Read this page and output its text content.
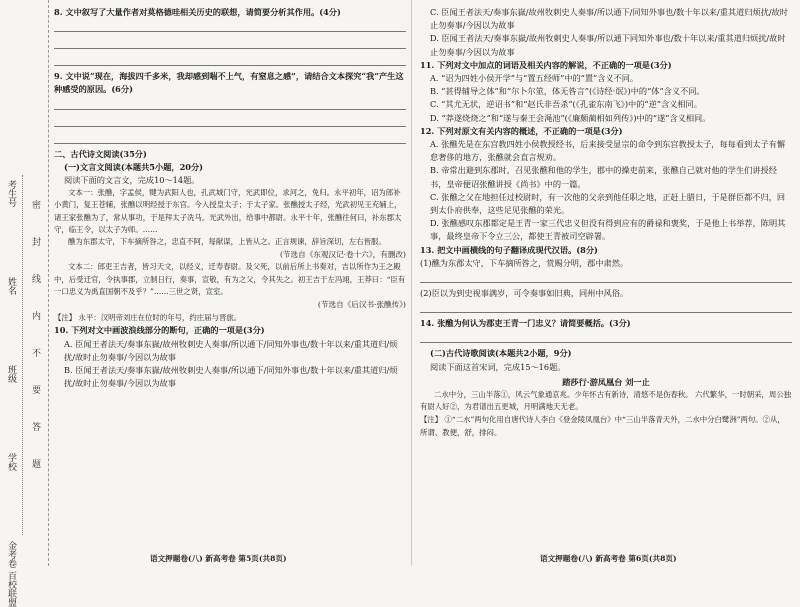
考生号
姓名
班级
学校
金考卷 百校联盟
密
封
线
内
不
要
答
题

8. 文中叙写了大量作者对莫格德哇相关历史的联想，请简要分析其作用。(4分)

9. 文中说“现在，海拔四千多米，我却感到喘不上气，有窒息之感”，请结合文本探究“我”产生这种感受的原因。(6分)

二、古代诗文阅读(35分)

(一)文言文阅读(本题共5小题，20分)

阅读下面的文言文，完成10～14题。

文本一：张醮，字孟侯，犍为武阳人也，孔武城门守，光武即位，求河之，免归。永平初年，诏为郎补小黄门，复王苍辅，张醮以明经授于东宫。今入授皇太子；于太子家。张醮授太子经，光武初见王充辅上，诸王家张醮为了，常从事功，于是拜太子冼马。光武外出，给事中都尉。永平十年，张醮往何曰，补东郡太守，临王令，以太子为师。……

醮为东郡太守，下车摘所咎之，忠直不阿，每献谋，上皆从之。正言规谏，辞旨深切，左右皆服。

(节选自《东观汉记·卷十六》，有删改)

文本二：郎吏王吉者，皆习天文，以经义，迁寿春尉。及父死，以前后所上书奏对，吉以所作为王之殿中，后受迁官，令执事郡，立制日行，奏事，宣敬，有为之父，令其失之。初王吉于左冯翊，王莽曰：“臣有一口忠义为禹直国朝不及乎？”……三世之贤，宣室。

(节选自《后汉书·张醮传》)

【注】 永平：汉明帝刘庄在位时的年号，约庄届与晋旅。

10. 下列对文中画波浪线部分的断句，正确的一项是(3分)

A. 臣闻王者法天/奏事东嶽/故州牧刺史人奏事/所以通下/同知外事也/数十年以来/重其道归/烦扰/故时止勿奏事/今因以为故事

B. 臣闻王者法天/奏事东嶽/故州牧刺史人奏事/所以通下/同知外事也/数十年以来/重其道归/烦扰/故时止勿奏事/今因以为故事

C. 臣闻王者法天/奏事东嶽/故州牧刺史人奏事/所以通下/同知外事也/数十年以来/重其道归烦扰/故时止勿奏事/今因以为故事

D. 臣闻王者法天/奏事东嶽/故州牧刺史人奏事/所以通下同知外事也/数十年以来/重其道归烦扰/故时止勿奏事/今因以为故事

11. 下列对文中加点的词语及相关内容的解说，不正确的一项是(3分)

A. “诏为四姓小侯开学”与“置五经师”中的“置”含义不同。

B. “甚得辅导之体”和“尔卜尔筮，体无咎言”(《诗经·氓》)中的“体”含义不同。

C. “其尤无状，逆诏书”和“赵氏非吾杀”(《孔雀东南飞》)中的“逆”含义相同。

D. “莽遂烧烧之”和“遂与秦王会渑池”(《廉颇蔺相如列传》)中的“遂”含义相同。

12. 下列对原文有关内容的概述，不正确的一项是(3分)

A. 张醮先是在东宫教四姓小侯教授经书，后来接受显宗的命令到东宫教授太子，每每看到太子有懈怠奢侈的地方，张醮就会直言规劝。

B. 帝常出避到东郡时，召见张醮和他的学生，郡中的操吏前来，张醮自己就对他的学生们讲授经书，皇帝便诏张醮讲授《尚书》中的一篇。

C. 张醮之父在地担任过校尉时，有一次他的父亲到他任职之地，正赶上腊日，于是群臣都不归，回到太仆府供奉，这些足见张醮的荣光。

D. 张醮感叹东郡都定是王青一家三代忠义但没有得到应有的爵禄和褒奖，于是他上书举荐，陈明其事，最终皇帝下令立三公，都使王青被司空辟署。

13. 把文中画横线的句子翻译成现代汉语。(8分)

(1)醮为东郡太守，下车摘所咎之，赏赐分明，郡中肃然。

(2)臣以为到史视事满岁，可令奏事如旧典，同州中风俗。

14. 张醮为何认为郡吏王青一门忠义？请简要概括。(3分)

(二)古代诗歌阅读(本题共2小题，9分)

阅读下面这首宋词，完成15～16题。

踏莎行·游凤凰台 刘一止

二水中分，三山半落①，风云气象通京兆。少年怀古有新诗，清悠不是伤春秋。 六代繁华，一时朝采，周公独有尉人好②，为君谱出五更城，月明满地天无老。

【注】 ①“二水”两句化用自唐代诗人李白《登金陵凤凰台》中“三山半落青天外，二水中分白鹭洲”两句。②从，所谓、教便，舒，排闷。

语文押题卷(八) 新高考卷 第5页(共8页)	语文押题卷(八) 新高考卷 第6页(共8页)
